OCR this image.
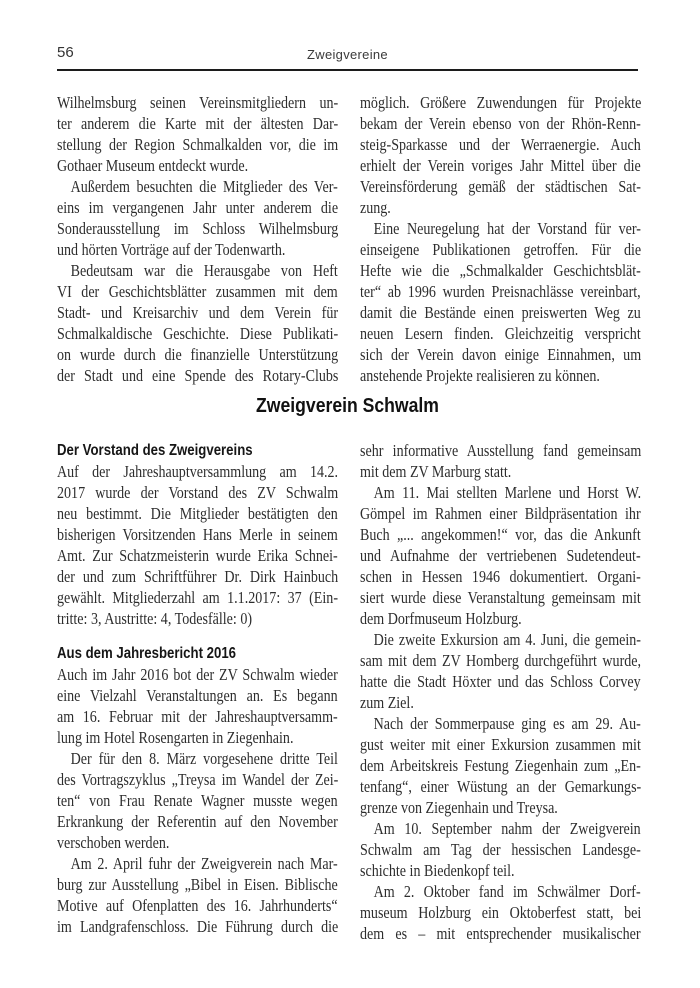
56	Zweigvereine
Wilhelmsburg seinen Vereinsmitgliedern un-
ter anderem die Karte mit der ältesten Dar-
stellung der Region Schmalkalden vor, die im
Gothaer Museum entdeckt wurde.
Außerdem besuchten die Mitglieder des Ver-
eins im vergangenen Jahr unter anderem die
Sonderausstellung im Schloss Wilhelmsburg
und hörten Vorträge auf der Todenwarth.
Bedeutsam war die Herausgabe von Heft
VI der Geschichtsblätter zusammen mit dem
Stadt- und Kreisarchiv und dem Verein für
Schmalkaldische Geschichte. Diese Publikati-
on wurde durch die finanzielle Unterstützung
der Stadt und eine Spende des Rotary-Clubs
möglich. Größere Zuwendungen für Projekte
bekam der Verein ebenso von der Rhön-Renn-
steig-Sparkasse und der Werraenergie. Auch
erhielt der Verein voriges Jahr Mittel über die
Vereinsförderung gemäß der städtischen Sat-
zung.
Eine Neuregelung hat der Vorstand für ver-
einseigene Publikationen getroffen. Für die
Hefte wie die „Schmalkalder Geschichtsblät-
ter“ ab 1996 wurden Preisnachlässe vereinbart,
damit die Bestände einen preiswerten Weg zu
neuen Lesern finden. Gleichzeitig verspricht
sich der Verein davon einige Einnahmen, um
anstehende Projekte realisieren zu können.
Zweigverein Schwalm
Der Vorstand des Zweigvereins
Auf der Jahreshauptversammlung am 14.2.
2017 wurde der Vorstand des ZV Schwalm
neu bestimmt. Die Mitglieder bestätigten den
bisherigen Vorsitzenden Hans Merle in seinem
Amt. Zur Schatzmeisterin wurde Erika Schnei-
der und zum Schriftführer Dr. Dirk Hainbuch
gewählt. Mitgliederzahl am 1.1.2017: 37 (Ein-
tritte: 3, Austritte: 4, Todesfälle: 0)
Aus dem Jahresbericht 2016
Auch im Jahr 2016 bot der ZV Schwalm wieder
eine Vielzahl Veranstaltungen an. Es begann
am 16. Februar mit der Jahreshauptversamm-
lung im Hotel Rosengarten in Ziegenhain.
Der für den 8. März vorgesehene dritte Teil
des Vortragszyklus „Treysa im Wandel der Zei-
ten“ von Frau Renate Wagner musste wegen
Erkrankung der Referentin auf den November
verschoben werden.
Am 2. April fuhr der Zweigverein nach Mar-
burg zur Ausstellung „Bibel in Eisen. Biblische
Motive auf Ofenplatten des 16. Jahrhunderts“
im Landgrafenschloss. Die Führung durch die
sehr informative Ausstellung fand gemeinsam
mit dem ZV Marburg statt.
Am 11. Mai stellten Marlene und Horst W.
Gömpel im Rahmen einer Bildpräsentation ihr
Buch „... angekommen!“ vor, das die Ankunft
und Aufnahme der vertriebenen Sudetendeut-
schen in Hessen 1946 dokumentiert. Organi-
siert wurde diese Veranstaltung gemeinsam mit
dem Dorfmuseum Holzburg.
Die zweite Exkursion am 4. Juni, die gemein-
sam mit dem ZV Homberg durchgeführt wurde,
hatte die Stadt Höxter und das Schloss Corvey
zum Ziel.
Nach der Sommerpause ging es am 29. Au-
gust weiter mit einer Exkursion zusammen mit
dem Arbeitskreis Festung Ziegenhain zum „En-
tenfang“, einer Wüstung an der Gemarkungs-
grenze von Ziegenhain und Treysa.
Am 10. September nahm der Zweigverein
Schwalm am Tag der hessischen Landesge-
schichte in Biedenkopf teil.
Am 2. Oktober fand im Schwälmer Dorf-
museum Holzburg ein Oktoberfest statt, bei
dem es – mit entsprechender musikalischer
